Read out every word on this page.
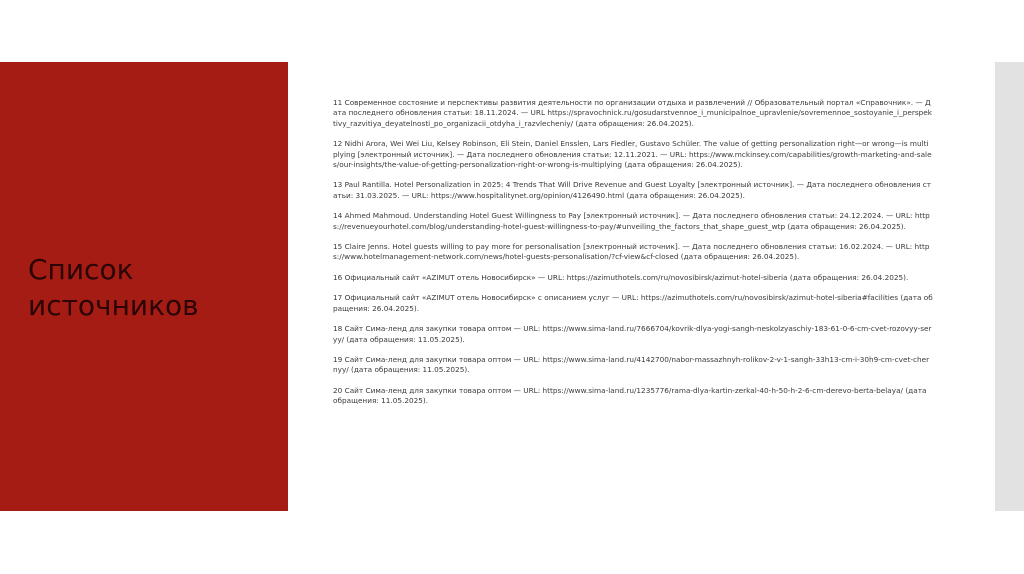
Список источников
11 Современное состояние и перспективы развития деятельности по организации отдыха и развлечений // Образовательный портал «Справочник». — Дата последнего обновления статьи: 18.11.2024. — URL https://spravochnick.ru/gosudarstvennoe_i_municipalnoe_upravlenie/sovremennoe_sostoyanie_i_perspektivy_razvitiya_deyatelnosti_po_organizacii_otdyha_i_razvlecheniy/ (дата обращения: 26.04.2025).
12 Nidhi Arora, Wei Wei Liu, Kelsey Robinson, Eli Stein, Daniel Ensslen, Lars Fiedler, Gustavo Schüler. The value of getting personalization right—or wrong—is multiplying [электронный источник]. — Дата последнего обновления статьи: 12.11.2021. — URL: https://www.mckinsey.com/capabilities/growth-marketing-and-sales/our-insights/the-value-of-getting-personalization-right-or-wrong-is-multiplying (дата обращения: 26.04.2025).
13 Paul Rantilla. Hotel Personalization in 2025: 4 Trends That Will Drive Revenue and Guest Loyalty [электронный источник]. — Дата последнего обновления статьи: 31.03.2025. — URL: https://www.hospitalitynet.org/opinion/4126490.html (дата обращения: 26.04.2025).
14 Ahmed Mahmoud. Understanding Hotel Guest Willingness to Pay [электронный источник]. — Дата последнего обновления статьи: 24.12.2024. — URL: https://revenueyourhotel.com/blog/understanding-hotel-guest-willingness-to-pay/#unveiling_the_factors_that_shape_guest_wtp (дата обращения: 26.04.2025).
15 Claire Jenns. Hotel guests willing to pay more for personalisation [электронный источник]. — Дата последнего обновления статьи: 16.02.2024. — URL: https://www.hotelmanagement-network.com/news/hotel-guests-personalisation/?cf-view&cf-closed (дата обращения: 26.04.2025).
16 Официальный сайт «AZIMUT отель Новосибирск» — URL: https://azimuthotels.com/ru/novosibirsk/azimut-hotel-siberia (дата обращения: 26.04.2025).
17 Официальный сайт «AZIMUT отель Новосибирск» с описанием услуг — URL: https://azimuthotels.com/ru/novosibirsk/azimut-hotel-siberia#facilities (дата обращения: 26.04.2025).
18 Сайт Сима-ленд для закупки товара оптом — URL: https://www.sima-land.ru/7666704/kovrik-dlya-yogi-sangh-neskolzyaschiy-183-61-0-6-cm-cvet-rozovyy-seryy/ (дата обращения: 11.05.2025).
19 Сайт Сима-ленд для закупки товара оптом — URL: https://www.sima-land.ru/4142700/nabor-massazhnyh-rolikov-2-v-1-sangh-33h13-cm-i-30h9-cm-cvet-chernyy/ (дата обращения: 11.05.2025).
20 Сайт Сима-ленд для закупки товара оптом — URL: https://www.sima-land.ru/1235776/rama-dlya-kartin-zerkal-40-h-50-h-2-6-cm-derevo-berta-belaya/ (дата обращения: 11.05.2025).
